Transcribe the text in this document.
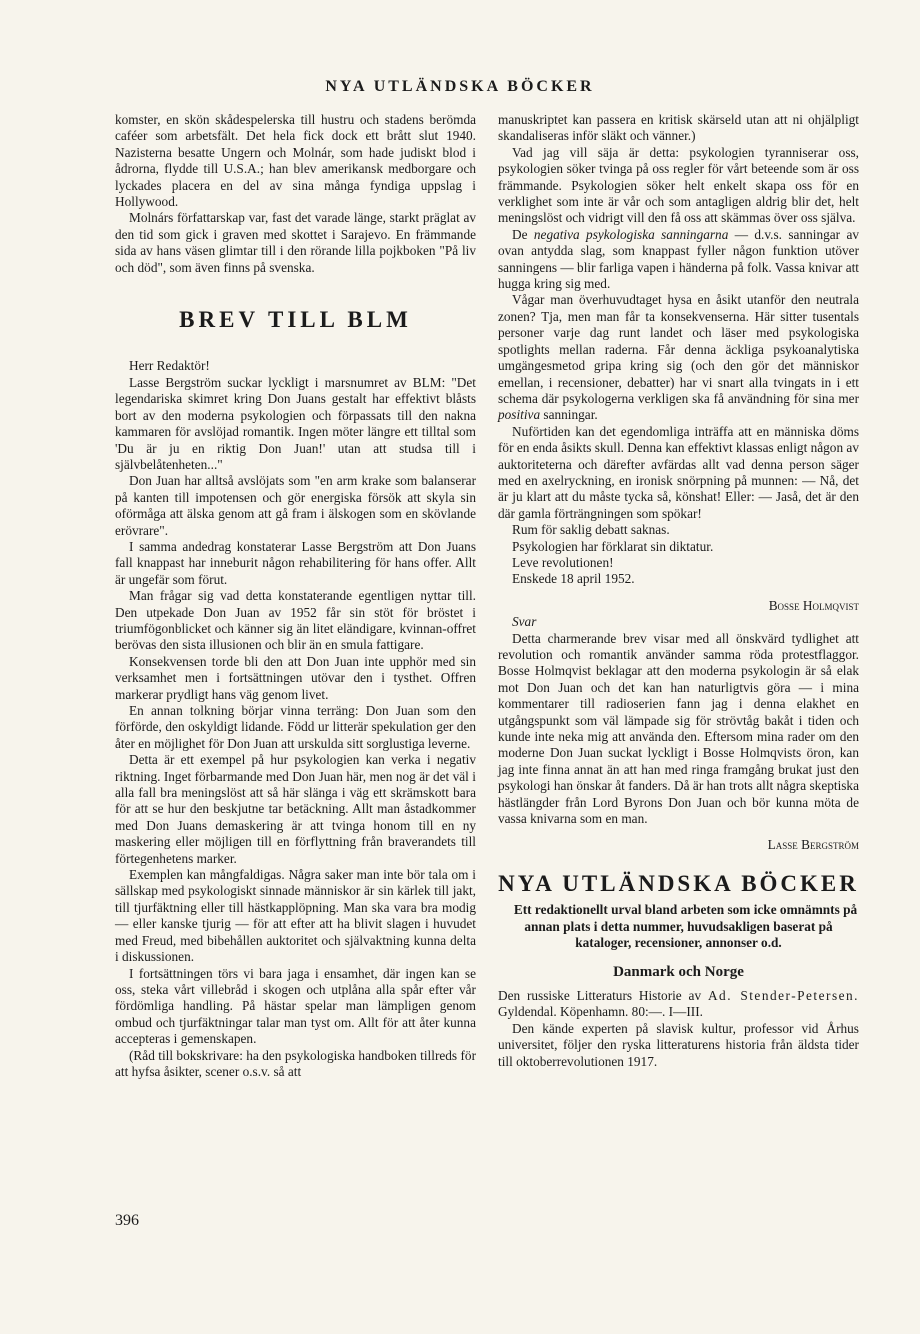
NYA UTLÄNDSKA BÖCKER

komster, en skön skådespelerska till hustru och stadens berömda caféer som arbetsfält. Det hela fick dock ett brått slut 1940. Nazisterna besatte Ungern och Molnár, som hade judiskt blod i ådrorna, flydde till U.S.A.; han blev amerikansk medborgare och lyckades placera en del av sina många fyndiga uppslag i Hollywood.

Molnárs författarskap var, fast det varade länge, starkt präglat av den tid som gick i graven med skottet i Sarajevo. En främmande sida av hans väsen glimtar till i den rörande lilla pojkboken "På liv och död", som även finns på svenska.

BREV TILL BLM

Herr Redaktör!

Lasse Bergström suckar lyckligt i marsnumret av BLM: "Det legendariska skimret kring Don Juans gestalt har effektivt blåsts bort av den moderna psykologien och förpassats till den nakna kammaren för avslöjad romantik. Ingen möter längre ett tilltal som 'Du är ju en riktig Don Juan!' utan att studsa till i självbelåtenheten..."

Don Juan har alltså avslöjats som "en arm krake som balanserar på kanten till impotensen och gör energiska försök att skyla sin oförmåga att älska genom att gå fram i älskogen som en skövlande erövrare".

I samma andedrag konstaterar Lasse Bergström att Don Juans fall knappast har inneburit någon rehabilitering för hans offer. Allt är ungefär som förut.

Man frågar sig vad detta konstaterande egentligen nyttar till. Den utpekade Don Juan av 1952 får sin stöt för bröstet i triumfögonblicket och känner sig än litet eländigare, kvinnan-offret berövas den sista illusionen och blir än en smula fattigare.

Konsekvensen torde bli den att Don Juan inte upphör med sin verksamhet men i fortsättningen utövar den i tysthet. Offren markerar prydligt hans väg genom livet.

En annan tolkning börjar vinna terräng: Don Juan som den förförde, den oskyldigt lidande. Född ur litterär spekulation ger den åter en möjlighet för Don Juan att urskulda sitt sorglustiga leverne.

Detta är ett exempel på hur psykologien kan verka i negativ riktning. Inget förbarmande med Don Juan här, men nog är det väl i alla fall bra meningslöst att så här slänga i väg ett skrämskott bara för att se hur den beskjutne tar betäckning. Allt man åstadkommer med Don Juans demaskering är att tvinga honom till en ny maskering eller möjligen till en förflyttning från braverandets till förtegenhetens marker.

Exemplen kan mångfaldigas. Några saker man inte bör tala om i sällskap med psykologiskt sinnade människor är sin kärlek till jakt, till tjurfäktning eller till hästkapplöpning. Man ska vara bra modig — eller kanske tjurig — för att efter att ha blivit slagen i huvudet med Freud, med bibehållen auktoritet och självaktning kunna delta i diskussionen.

I fortsättningen törs vi bara jaga i ensamhet, där ingen kan se oss, steka vårt villebråd i skogen och utplåna alla spår efter vår fördömliga handling. På hästar spelar man lämpligen genom ombud och tjurfäktningar talar man tyst om. Allt för att åter kunna accepteras i gemenskapen.

(Råd till bokskrivare: ha den psykologiska handboken tillreds för att hyfsa åsikter, scener o.s.v. så att

manuskriptet kan passera en kritisk skärseld utan att ni ohjälpligt skandaliseras inför släkt och vänner.)

Vad jag vill säja är detta: psykologien tyranniserar oss, psykologien söker tvinga på oss regler för vårt beteende som är oss främmande. Psykologien söker helt enkelt skapa oss för en verklighet som inte är vår och som antagligen aldrig blir det, helt meningslöst och vidrigt vill den få oss att skämmas över oss själva.

De negativa psykologiska sanningarna — d.v.s. sanningar av ovan antydda slag, som knappast fyller någon funktion utöver sanningens — blir farliga vapen i händerna på folk. Vassa knivar att hugga kring sig med.

Vågar man överhuvudtaget hysa en åsikt utanför den neutrala zonen? Tja, men man får ta konsekvenserna. Här sitter tusentals personer varje dag runt landet och läser med psykologiska spotlights mellan raderna. Får denna äckliga psykoanalytiska umgängesmetod gripa kring sig (och den gör det människor emellan, i recensioner, debatter) har vi snart alla tvingats in i ett schema där psykologerna verkligen ska få användning för sina mer positiva sanningar.

Nuförtiden kan det egendomliga inträffa att en människa döms för en enda åsikts skull. Denna kan effektivt klassas enligt någon av auktoriteterna och därefter avfärdas allt vad denna person säger med en axelryckning, en ironisk snörpning på munnen: — Nå, det är ju klart att du måste tycka så, könshat! Eller: — Jaså, det är den där gamla förträngningen som spökar!

Rum för saklig debatt saknas.

Psykologien har förklarat sin diktatur.

Leve revolutionen!

Enskede 18 april 1952.

Bosse Holmqvist

Svar

Detta charmerande brev visar med all önskvärd tydlighet att revolution och romantik använder samma röda protestflaggor. Bosse Holmqvist beklagar att den moderna psykologin är så elak mot Don Juan och det kan han naturligtvis göra — i mina kommentarer till radioserien fann jag i denna elakhet en utgångspunkt som väl lämpade sig för strövtåg bakåt i tiden och kunde inte neka mig att använda den. Eftersom mina rader om den moderne Don Juan suckat lyckligt i Bosse Holmqvists öron, kan jag inte finna annat än att han med ringa framgång brukat just den psykologi han önskar åt fanders. Då är han trots allt några skeptiska hästlängder från Lord Byrons Don Juan och bör kunna möta de vassa knivarna som en man.

Lasse Bergström
NYA UTLÄNDSKA BÖCKER

Ett redaktionellt urval bland arbeten som icke omnämnts på annan plats i detta nummer, huvudsakligen baserat på kataloger, recensioner, annonser o.d.

Danmark och Norge

Den russiske Litteraturs Historie av Ad. Stender-Petersen. Gyldendal. Köpenhamn. 80:—. I—III.

Den kände experten på slavisk kultur, professor vid Århus universitet, följer den ryska litteraturens historia från äldsta tider till oktoberrevolutionen 1917.

396
